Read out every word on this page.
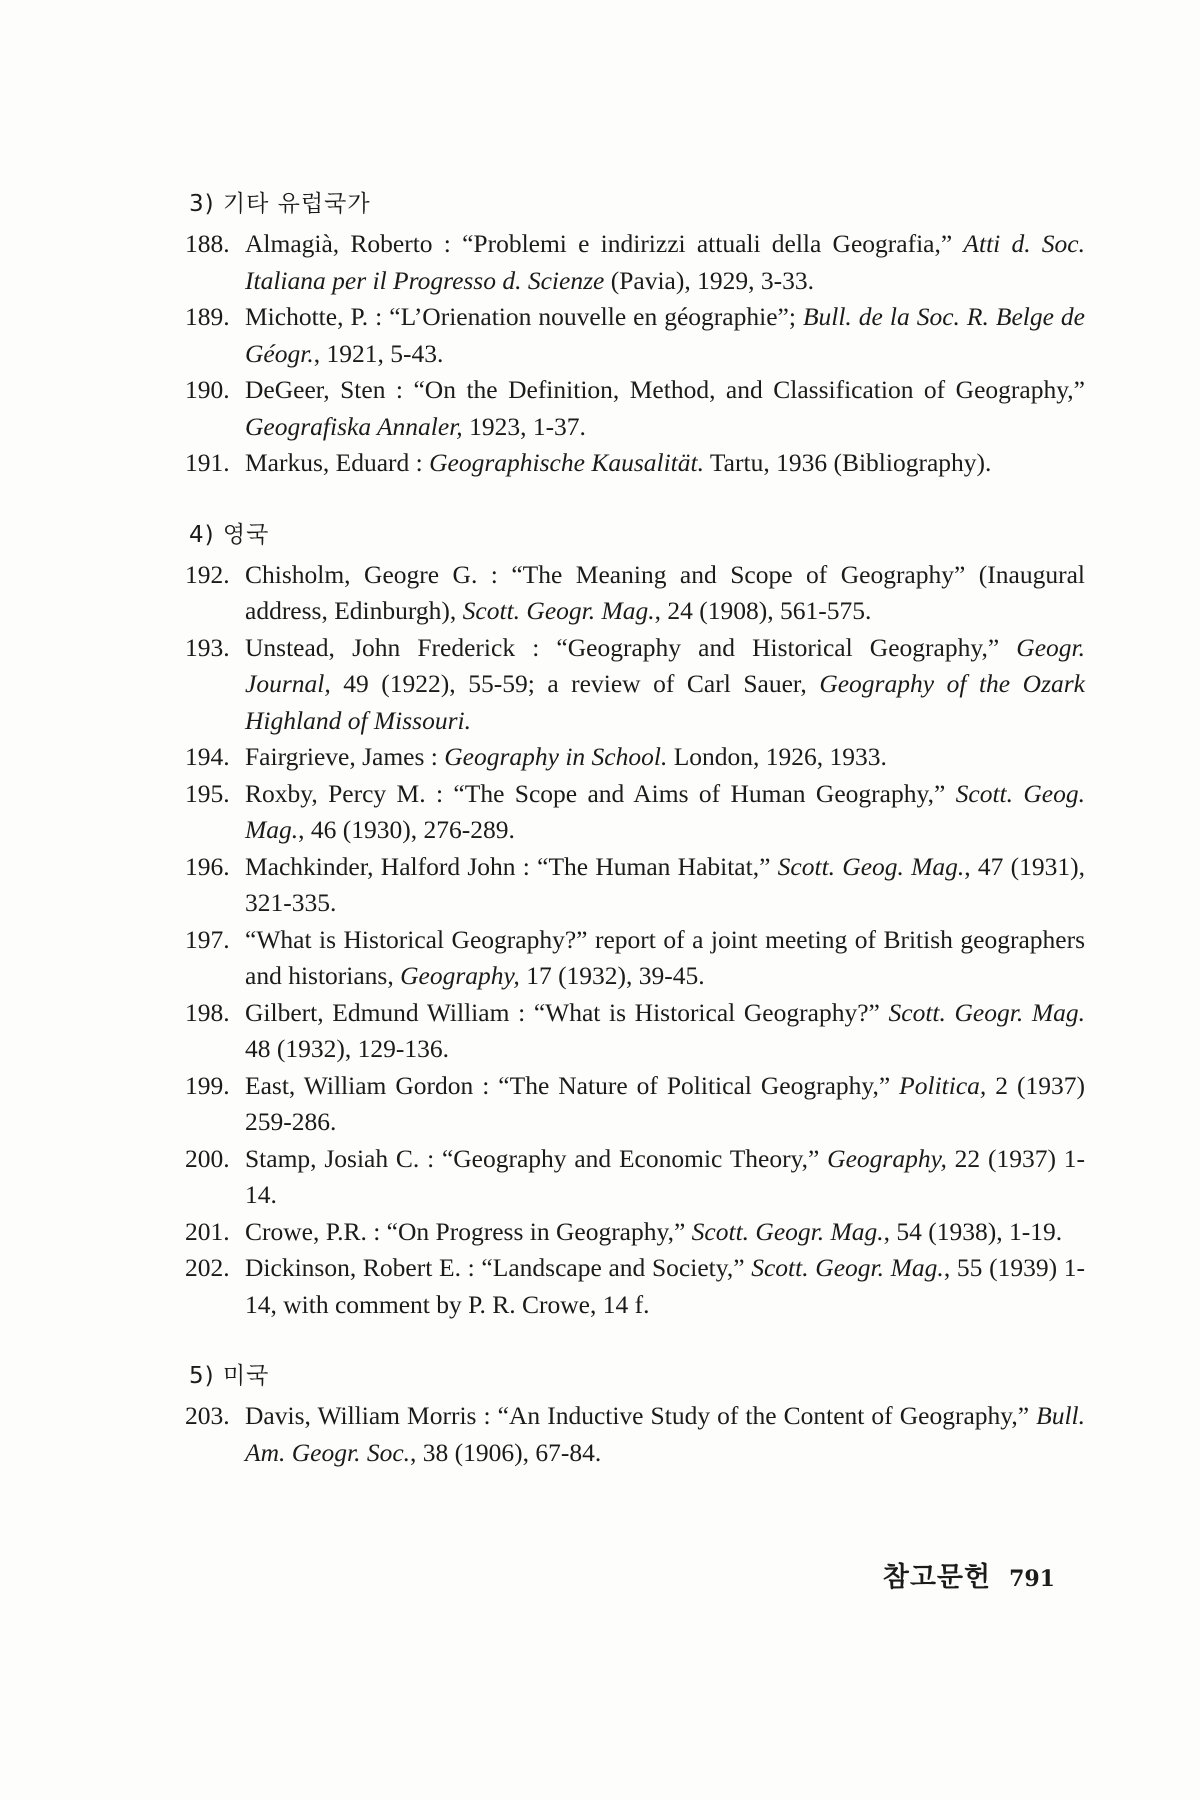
3) 기타 유럽국가
188. Almagià, Roberto : “Problemi e indirizzi attuali della Geografia,” Atti d. Soc. Italiana per il Progresso d. Scienze (Pavia), 1929, 3-33.
189. Michotte, P. : “L’Orienation nouvelle en géographie”; Bull. de la Soc. R. Belge de Géogr., 1921, 5-43.
190. DeGeer, Sten : “On the Definition, Method, and Classification of Geography,” Geografiska Annaler, 1923, 1-37.
191. Markus, Eduard : Geographische Kausalität. Tartu, 1936 (Bibliography).
4) 영국
192. Chisholm, Geogre G. : “The Meaning and Scope of Geography” (Inaugural address, Edinburgh), Scott. Geogr. Mag., 24 (1908), 561-575.
193. Unstead, John Frederick : “Geography and Historical Geography,” Geogr. Journal, 49 (1922), 55-59; a review of Carl Sauer, Geography of the Ozark Highland of Missouri.
194. Fairgrieve, James : Geography in School. London, 1926, 1933.
195. Roxby, Percy M. : “The Scope and Aims of Human Geography,” Scott. Geog. Mag., 46 (1930), 276-289.
196. Machkinder, Halford John : “The Human Habitat,” Scott. Geog. Mag., 47 (1931), 321-335.
197. “What is Historical Geography?” report of a joint meeting of British geographers and historians, Geography, 17 (1932), 39-45.
198. Gilbert, Edmund William : “What is Historical Geography?” Scott. Geogr. Mag. 48 (1932), 129-136.
199. East, William Gordon : “The Nature of Political Geography,” Politica, 2 (1937) 259-286.
200. Stamp, Josiah C. : “Geography and Economic Theory,” Geography, 22 (1937) 1-14.
201. Crowe, P.R. : “On Progress in Geography,” Scott. Geogr. Mag., 54 (1938), 1-19.
202. Dickinson, Robert E. : “Landscape and Society,” Scott. Geogr. Mag., 55 (1939) 1-14, with comment by P. R. Crowe, 14 f.
5) 미국
203. Davis, William Morris : “An Inductive Study of the Content of Geography,” Bull. Am. Geogr. Soc., 38 (1906), 67-84.
참고문헌 791
